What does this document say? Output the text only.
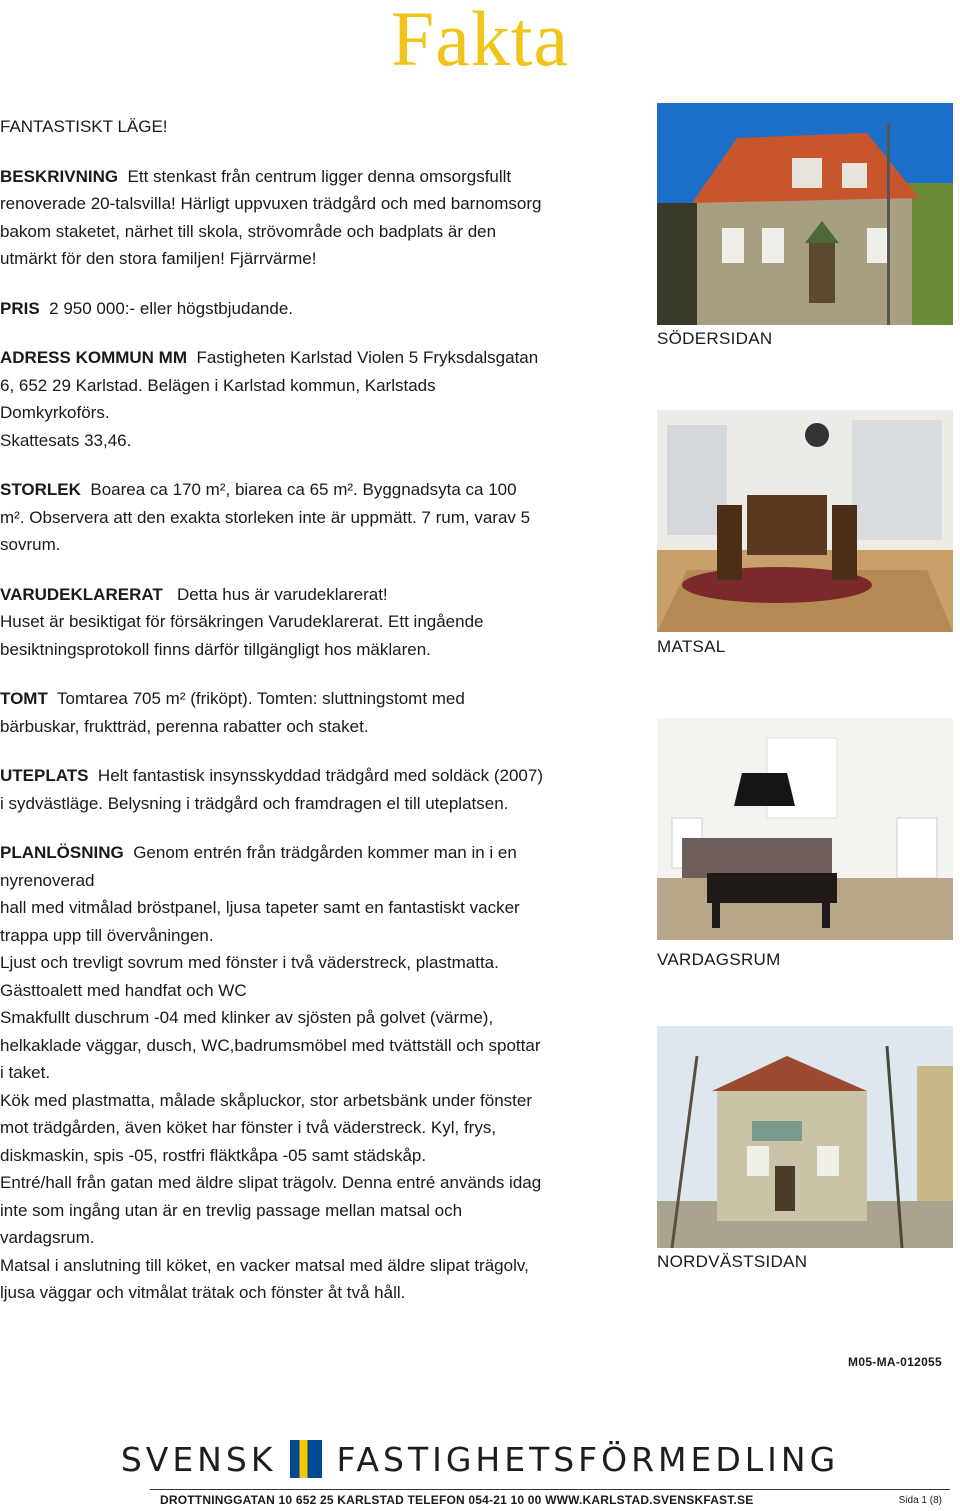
Fakta

FANTASTISKT LÄGE!

BESKRIVNING Ett stenkast från centrum ligger denna omsorgsfullt
renoverade 20-talsvilla! Härligt uppvuxen trädgård och med barnomsorg
bakom staketet, närhet till skola, strövområde och badplats är den
utmärkt för den stora familjen! Fjärrvärme!

PRIS 2 950 000:- eller högstbjudande.

ADRESS KOMMUN MM Fastigheten Karlstad Violen 5 Fryksdalsgatan
6, 652 29 Karlstad. Belägen i Karlstad kommun, Karlstads
Domkyrkoförs.
Skattesats 33,46.

STORLEK Boarea ca 170 m², biarea ca 65 m². Byggnadsyta ca 100
m². Observera att den exakta storleken inte är uppmätt. 7 rum, varav 5
sovrum.

VARUDEKLARERAT Detta hus är varudeklarerat!
Huset är besiktigat för försäkringen Varudeklarerat. Ett ingående
besiktningsprotokoll finns därför tillgängligt hos mäklaren.

TOMT Tomtarea 705 m² (friköpt). Tomten: sluttningstomt med
bärbuskar, fruktträd, perenna rabatter och staket.

UTEPLATS Helt fantastisk insynsskyddad trädgård med soldäck (2007)
i sydvästläge. Belysning i trädgård och framdragen el till uteplatsen.

PLANLÖSNING Genom entrén från trädgården kommer man in i en
nyrenoverad
hall med vitmålad bröstpanel, ljusa tapeter samt en fantastiskt vacker
trappa upp till övervåningen.
Ljust och trevligt sovrum med fönster i två väderstreck, plastmatta.
Gästtoalett med handfat och WC
Smakfullt duschrum -04 med klinker av sjösten på golvet (värme),
helkaklade väggar, dusch, WC,badrumsmöbel med tvättställ och spottar
i taket.
Kök med plastmatta, målade skåpluckor, stor arbetsbänk under fönster
mot trädgården, även köket har fönster i två väderstreck. Kyl, frys,
diskmaskin, spis -05, rostfri fläktkåpa -05 samt städskåp.
Entré/hall från gatan med äldre slipat trägolv. Denna entré används idag
inte som ingång utan är en trevlig passage mellan matsal och
vardagsrum.
Matsal i anslutning till köket, en vacker matsal med äldre slipat trägolv,
ljusa väggar och vitmålat trätak och fönster åt två håll.

SÖDERSIDAN
MATSAL
VARDAGSRUM
NORDVÄSTSIDAN
M05-MA-012055
SVENSK FASTIGHETSFÖRMEDLING
DROTTNINGGATAN 10 652 25 KARLSTAD TELEFON 054-21 10 00 WWW.KARLSTAD.SVENSKFAST.SE	Sida 1 (8)
